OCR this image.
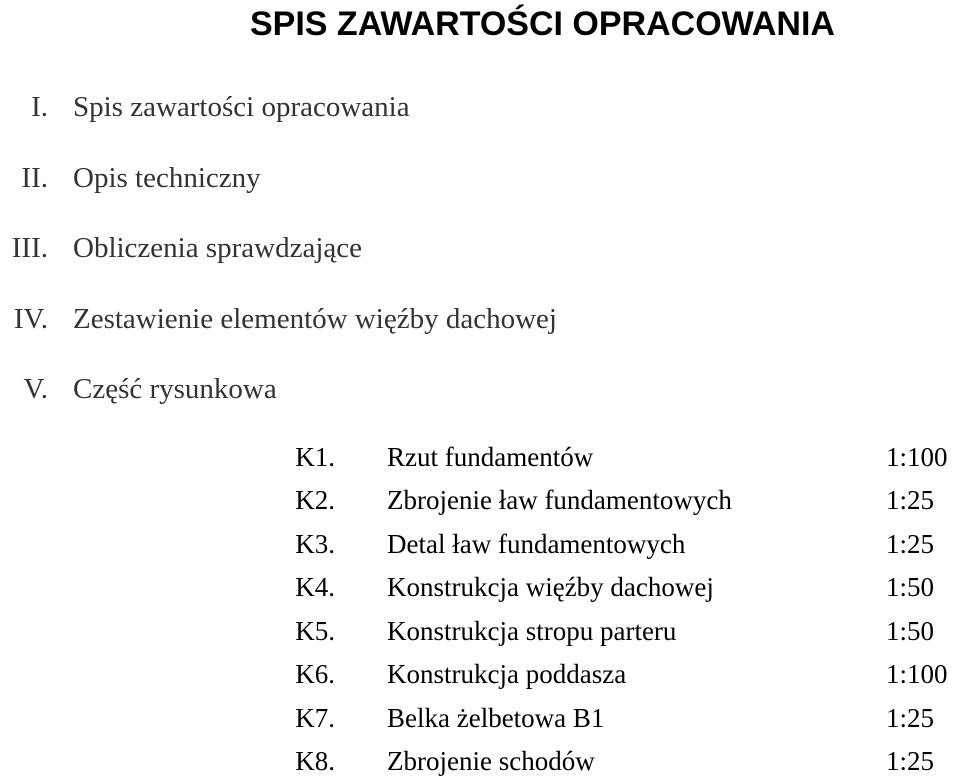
SPIS ZAWARTOŚCI OPRACOWANIA
I. Spis zawartości opracowania
II. Opis techniczny
III. Obliczenia sprawdzające
IV. Zestawienie elementów więźby dachowej
V. Część rysunkowa
K1. Rzut fundamentów	1:100
K2. Zbrojenie ław fundamentowych	1:25
K3. Detal ław fundamentowych	1:25
K4. Konstrukcja więźby dachowej	1:50
K5. Konstrukcja stropu parteru	1:50
K6. Konstrukcja poddasza	1:100
K7. Belka żelbetowa B1	1:25
K8. Zbrojenie schodów	1:25
